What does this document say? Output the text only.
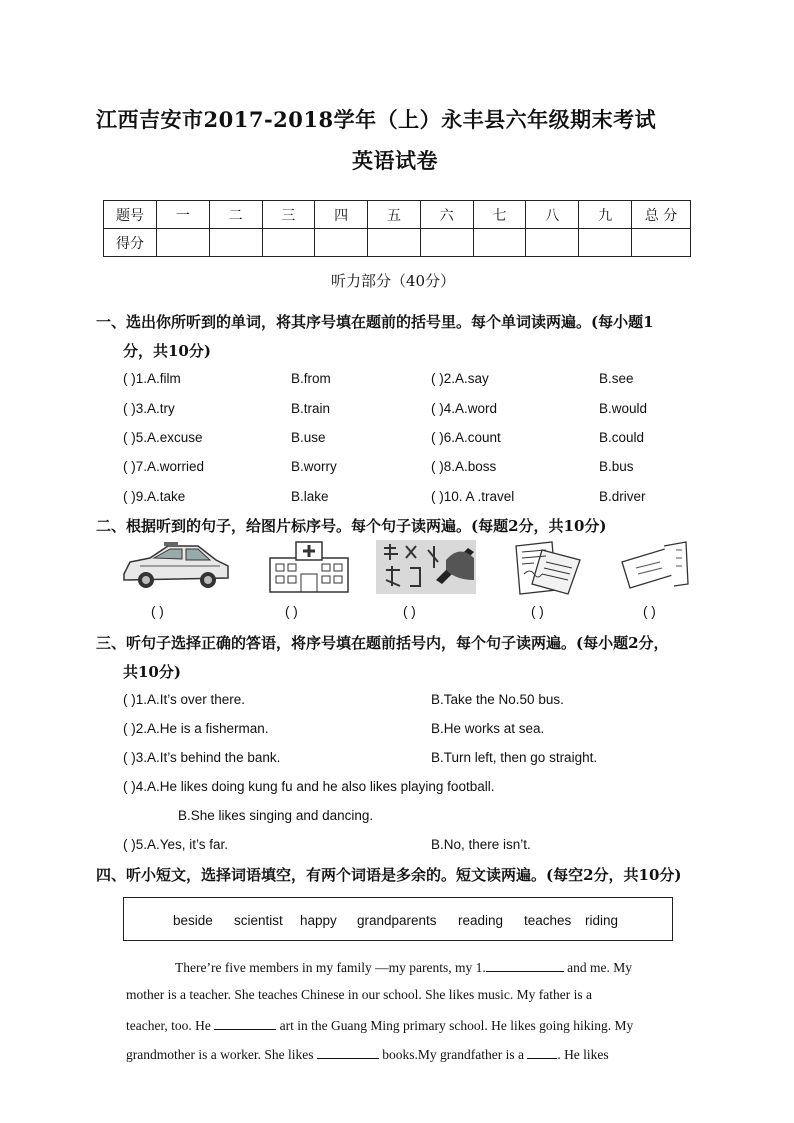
江西吉安市2017-2018学年（上）永丰县六年级期末考试
英语试卷
题号	一	二	三	四	五	六	七	八	九	总 分
得分										
听力部分（40分）
一、选出你所听到的单词，将其序号填在题前的括号里。每个单词读两遍。(每小题1
分，共10分)
( )1.A.film	B.from	( )2.A.say	B.see
( )3.A.try	B.train	( )4.A.word	B.would
( )5.A.excuse	B.use	( )6.A.count	B.could
( )7.A.worried	B.worry	( )8.A.boss	B.bus
( )9.A.take	B.lake	( )10. A .travel	B.driver
二、根据听到的句子，给图片标序号。每个句子读两遍。(每题2分，共10分)
( )	( )	( )	( )	( )
三、听句子选择正确的答语，将序号填在题前括号内，每个句子读两遍。(每小题2分，
共10分)
( )1.A.It’s over there.	B.Take the No.50 bus.
( )2.A.He is a fisherman.	B.He works at sea.
( )3.A.It’s behind the bank.	B.Turn left, then go straight.
( )4.A.He likes doing kung fu and he also likes playing football.
B.She likes singing and dancing.
( )5.A.Yes, it’s far.	B.No, there isn’t.
四、听小短文，选择词语填空，有两个词语是多余的。短文读两遍。(每空2分，共10分)
beside scientist happy grandparents reading teaches riding
There’re five members in my family —my parents, my 1.	and me. My
mother is a teacher. She teaches Chinese in our school. She likes music. My father is a
teacher, too. He	art in the Guang Ming primary school. He likes going hiking. My
grandmother is a worker. She likes	books.My grandfather is a . He likes
